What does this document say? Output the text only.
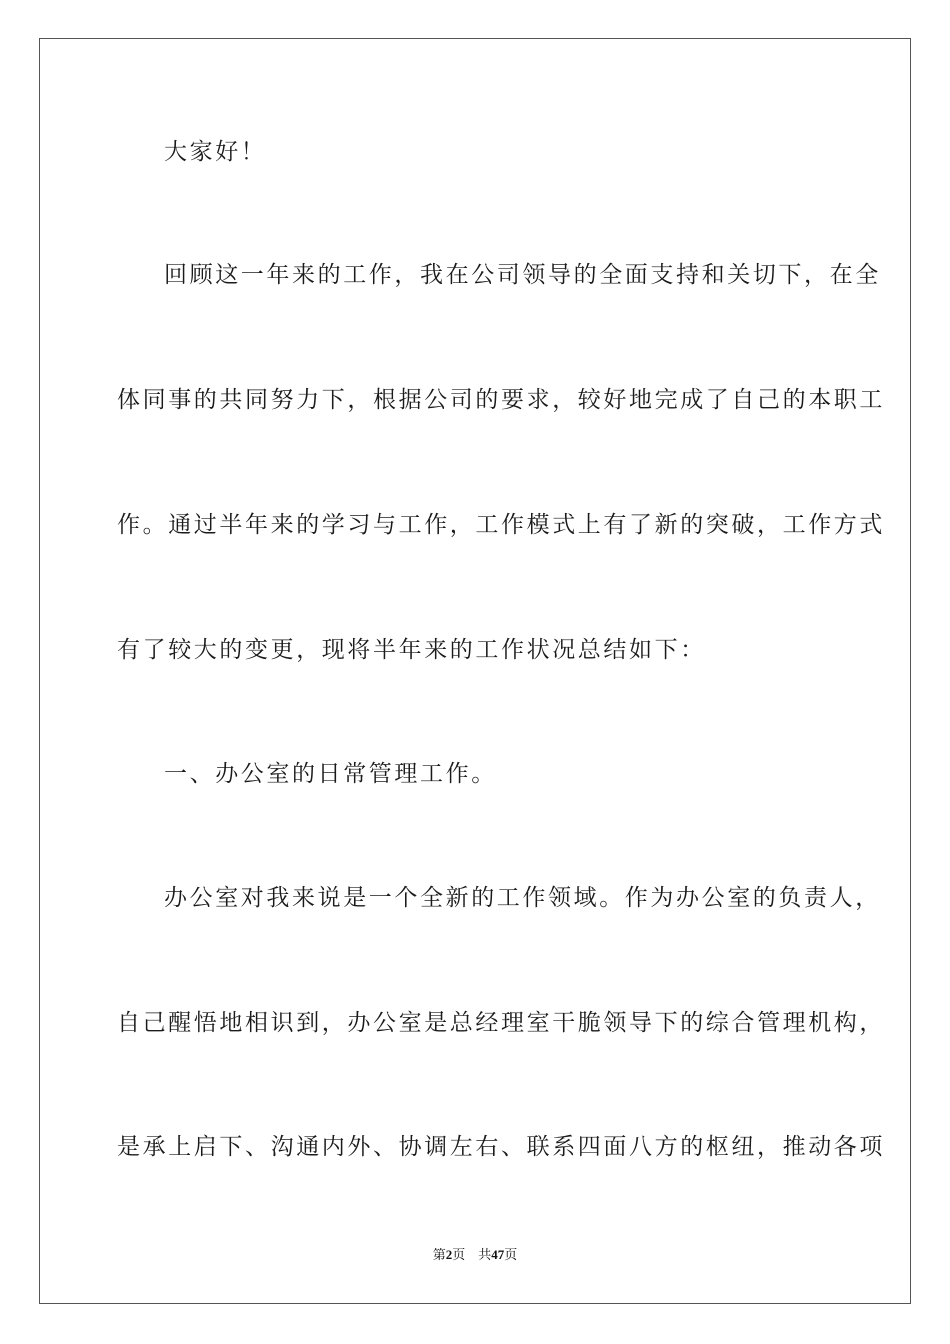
大家好！
回顾这一年来的工作，我在公司领导的全面支持和关切下，在全
体同事的共同努力下，根据公司的要求，较好地完成了自己的本职工
作。通过半年来的学习与工作，工作模式上有了新的突破，工作方式
有了较大的变更，现将半年来的工作状况总结如下：
一、办公室的日常管理工作。
办公室对我来说是一个全新的工作领域。作为办公室的负责人，
自己醒悟地相识到，办公室是总经理室干脆领导下的综合管理机构，
是承上启下、沟通内外、协调左右、联系四面八方的枢纽，推动各项
第2页 共47页
